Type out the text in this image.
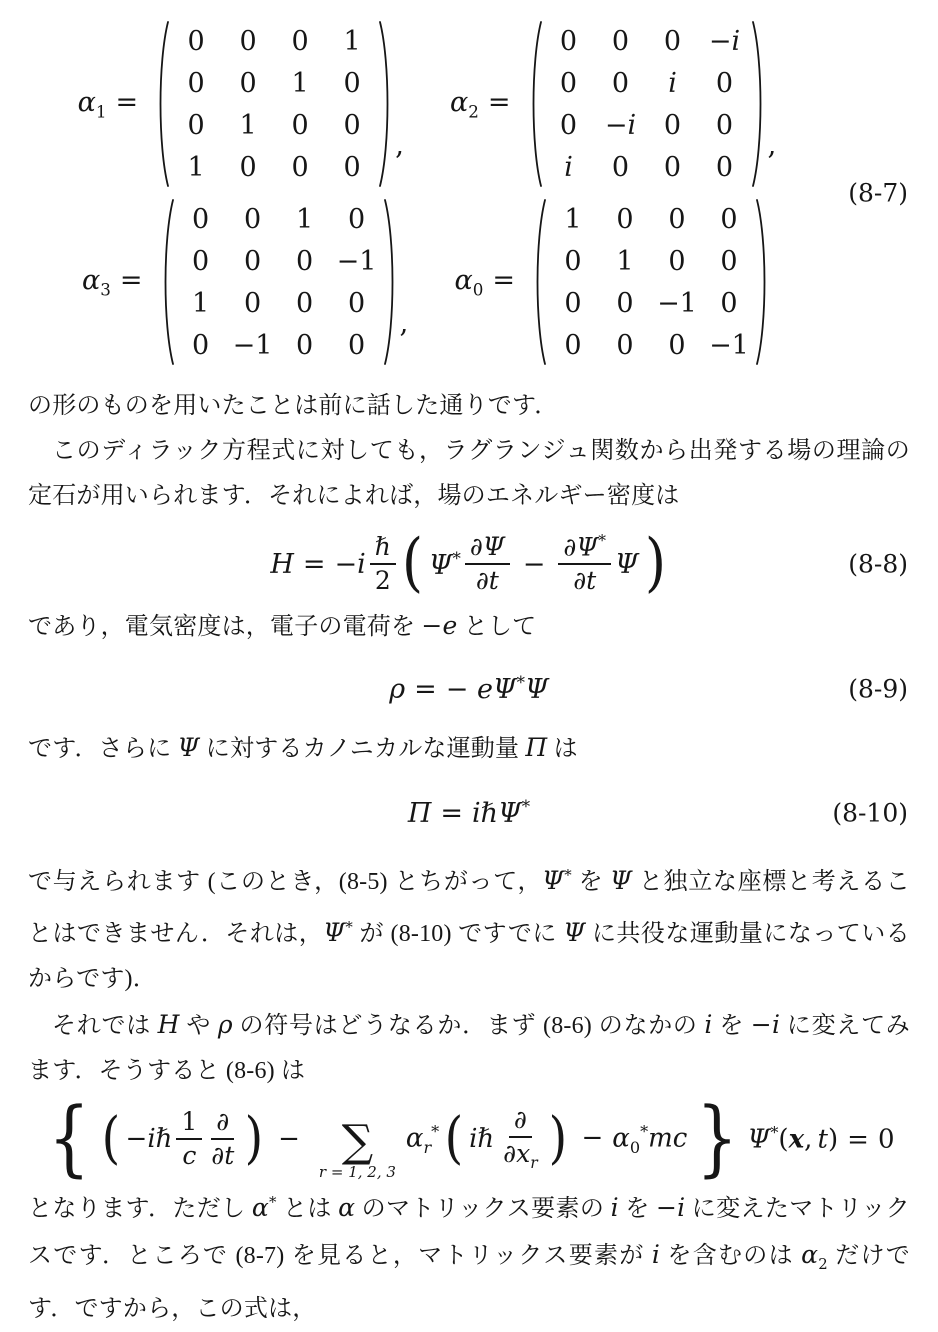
$\alpha_1$ =
0	0	0	1
0	0	1	0
0	1	0	0
1	0	0	0
,
$\alpha_2$ =
0	0	0	−i
0	0	i	0
0	−i	0	0
i	0	0	0
,
$\alpha_3$ =
0	0	1	0
0	0	0	−1
1	0	0	0
0	−1	0	0
,
$\alpha_0$ =
1	0	0	0
0	1	0	0
0	0	−1	0
0	0	0	−1
(8-7)

の形のものを用いたことは前に話した通りです．

このディラック方程式に対しても，ラグランジュ関数から出発する場の理論の定石が用いられます．それによれば，場のエネルギー密度は

$H = -i \frac{\text{ℏ}}{2}$ ( $\Psi^* \frac{\partial\Psi}{\partial t} - \frac{\partial\Psi^*}{\partial t}$ Ψ )	(8-8)

であり，電気密度は，電子の電荷を −e として

ρ = − eΨ*Ψ	(8-9)

です．さらに Ψ に対するカノニカルな運動量 Π は

Π = iℏΨ*	(8-10)

で与えられます (このとき，(8-5) とちがって，Ψ* を Ψ と独立な座標と考えることはできません．それは，Ψ* が (8-10) ですでに Ψ に共役な運動量になっているからです)．

それでは H や ρ の符号はどうなるか．まず (8-6) のなかの i を −i に変えてみます．そうすると (8-6) は

{ ( −iℏ $\frac{1}{c} \frac{\partial}{\partial t}$ ) − ∑
r = 1, 2, 3
$\alpha_r^*$ ( iℏ $\frac{\partial}{\partial x_r}$ ) − $\alpha_0^*mc$ } Ψ*(x, t) = 0

となります．ただし α* とは α のマトリックス要素の i を −i に変えたマトリックスです．ところで (8-7) を見ると，マトリックス要素が i を含むのは $\alpha_2$ だけです．ですから，この式は，
